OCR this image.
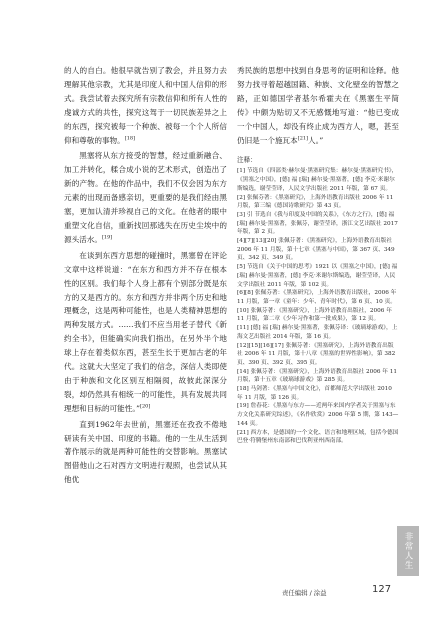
的人的自白。他很早就告别了教会，并且努力去理解其他宗教，尤其是印度人和中国人信仰的形式。我尝试着去探究所有宗教信仰和所有人性的虔诚方式的共性，探究这驾于一切民族差异之上的东西，探究被每一个种族、被每一个个人所信仰和尊敬的事物。[18]

黑塞将从东方接受的智慧，经过重新融合、加工并转化，糅合成小说的艺术形式，创造出了新的产物。在他的作品中，我们不仅会因为东方元素的出现而备感亲切，更重要的是我们经由黑塞，更加认清并珍视自己的文化。在他者的眼中重塑文化自信，重新找回那逃失在历史尘埃中的源头活水。[19]

在谈到东西方思想的碰撞时，黑塞曾在评论文章中这样说道：“在东方和西方并不存在根本性的区别。我们每个人身上都有个别部分既是东方的又是西方的。东方和西方并非两个历史和地理概念，这是两种可能性，也是人类精神思想的两种发展方式。……我们不应当用老子替代《新约全书》，但能确实向我们指出，在另外半个地球上存在着类似东西，甚至生长于更加古老的年代。这就大大坚定了我们的信念，深信人类即使由于种族和文化区别互相隔阂，故彼此深深分裂，却仍然具有相统一的可能性，具有发展共同理想和目标的可能性。”[20]

直到1962年去世前，黑塞还在孜孜不倦地研读有关中国、印度的书籍。他的一生从生活到著作展示的就是两种可能性的交替影响。黑塞试图借他山之石对西方文明进行观照，也尝试从其他优

秀民族的思想中找到自身思考的证明和诠释。他努力找寻着超越国籍、种族、文化壁垒的智慧之路，正如德国学者基尔希霍夫在《黑塞生平简传》中颇为贴切又不无感慨地写道：“他已变成一个中国人，却没有终止成为西方人，嗯，甚至仍旧是一个施瓦本[21]人。”

注释：

[1] 节选自《四部类·赫尔曼·黑塞研究集：赫尔曼·黑塞研究书》，《黑塞之中国》，[德] 福 [瑞] 赫尔曼·黑塞著，[德] 李克·米谢尔斯编选，谢莹莹译，人民文学出版社 2011 年版，第 67 页。

[2] 张佩芬著：《黑塞研究》，上海外语教育出版社 2006 年 11 月版，第三编《德国诗歌研究》第 43 页。

[3] 引 节选自《我与印度及中国的关系》，《东方之行》，[德] 福 [瑞] 赫尔曼·黑塞著，张佩芬，谢莹莹译，浙江文艺出版社 2017 年版，第 2 页。

[4][7][13][20] 张佩芬著：《黑塞研究》，上海外语教育出版社 2006 年 11 月版，第十七章《黑塞与中国》，第 367 页、349 页、342 页、349 页。

[5] 节选自《关于中国的思考》1921 以《黑塞之中国》，[德] 福 [瑞] 赫尔曼·黑塞著，[德] 李克·米谢尔斯编选，谢莹莹译，人民文学出版社 2011 年版，第 102 页。

[6][8] 张佩芬著：《黑塞研究》，上海外语教育出版社，2006 年 11 月版，第一章《童年：少年、青年时代》，第 6 页、10 页。

[10] 张佩芬著：《黑塞研究》，上海外语教育出版社，2006 年 11 月版，第二章《少年习作和第一批成果》，第 12 页。

[11] [德] 福 [瑞] 赫尔曼·黑塞著，张佩芬译：《玻璃球游戏》，上海文艺出版社 2014 年版，第 16 页。

[12][15][16][17] 张佩芬著：《黑塞研究》，上海外语教育出版社 2006 年 11 月版，第十八章《黑塞的世界性影响》，第 382 页、390 页、392 页、395 页。

[14] 张佩芬著：《黑塞研究》，上海外语教育出版社 2006 年 11 月版，第十五章《玻璃球游戏》第 285 页。

[18] 马剑著：《黑塞与中国文化》，首都师范大学出版社 2010 年 11 月版，第 126 页。

[19] 詹春花：《黑塞与东方——近两年来国内学者关于黑塞与东方文化关系研究综述》，《名作欣赏》2006 年第 5 期，第 143—144 页。

[21] 西方本，是德国的一个文化、语言和地理区域，包括今德国巴登·符腾堡州东南部和巴伐利亚州西南部。

非常人生
责任编辑 / 涂益	127
